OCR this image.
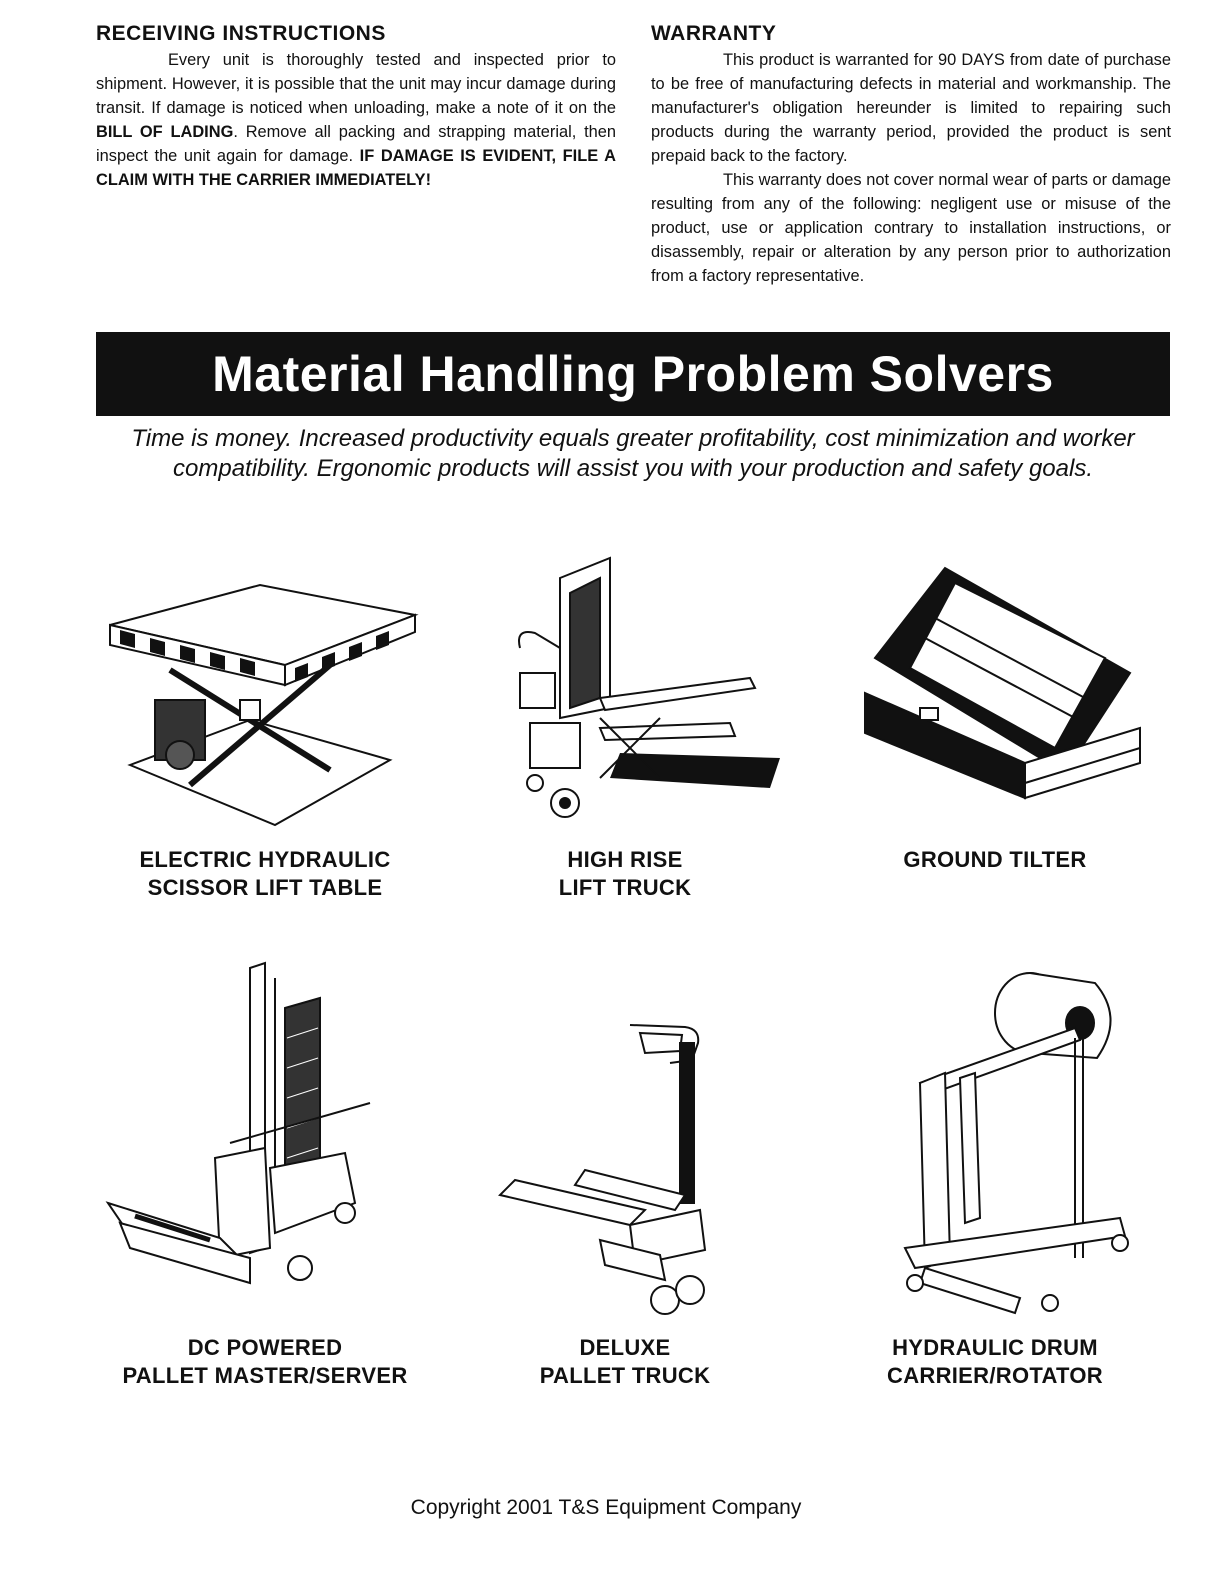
RECEIVING INSTRUCTIONS

Every unit is thoroughly tested and inspected prior to shipment. However, it is possible that the unit may incur damage during transit. If damage is noticed when unloading, make a note of it on the BILL OF LADING. Remove all packing and strapping material, then inspect the unit again for damage. IF DAMAGE IS EVIDENT, FILE A CLAIM WITH THE CARRIER IMMEDIATELY!

WARRANTY

This product is warranted for 90 DAYS from date of purchase to be free of manufacturing defects in material and workmanship. The manufacturer's obligation hereunder is limited to repairing such products during the warranty period, provided the product is sent prepaid back to the factory.

This warranty does not cover normal wear of parts or damage resulting from any of the following: negligent use or misuse of the product, use or application contrary to installation instructions, or disassembly, repair or alteration by any person prior to authorization from a factory representative.

Material Handling Problem Solvers
Time is money. Increased productivity equals greater profitability, cost minimization and worker
compatibility. Ergonomic products will assist you with your production and safety goals.
ELECTRIC HYDRAULIC
SCISSOR LIFT TABLE
HIGH RISE
LIFT TRUCK
GROUND TILTER
DC POWERED
PALLET MASTER/SERVER
DELUXE
PALLET TRUCK
HYDRAULIC DRUM
CARRIER/ROTATOR
Copyright 2001 T&S Equipment Company
